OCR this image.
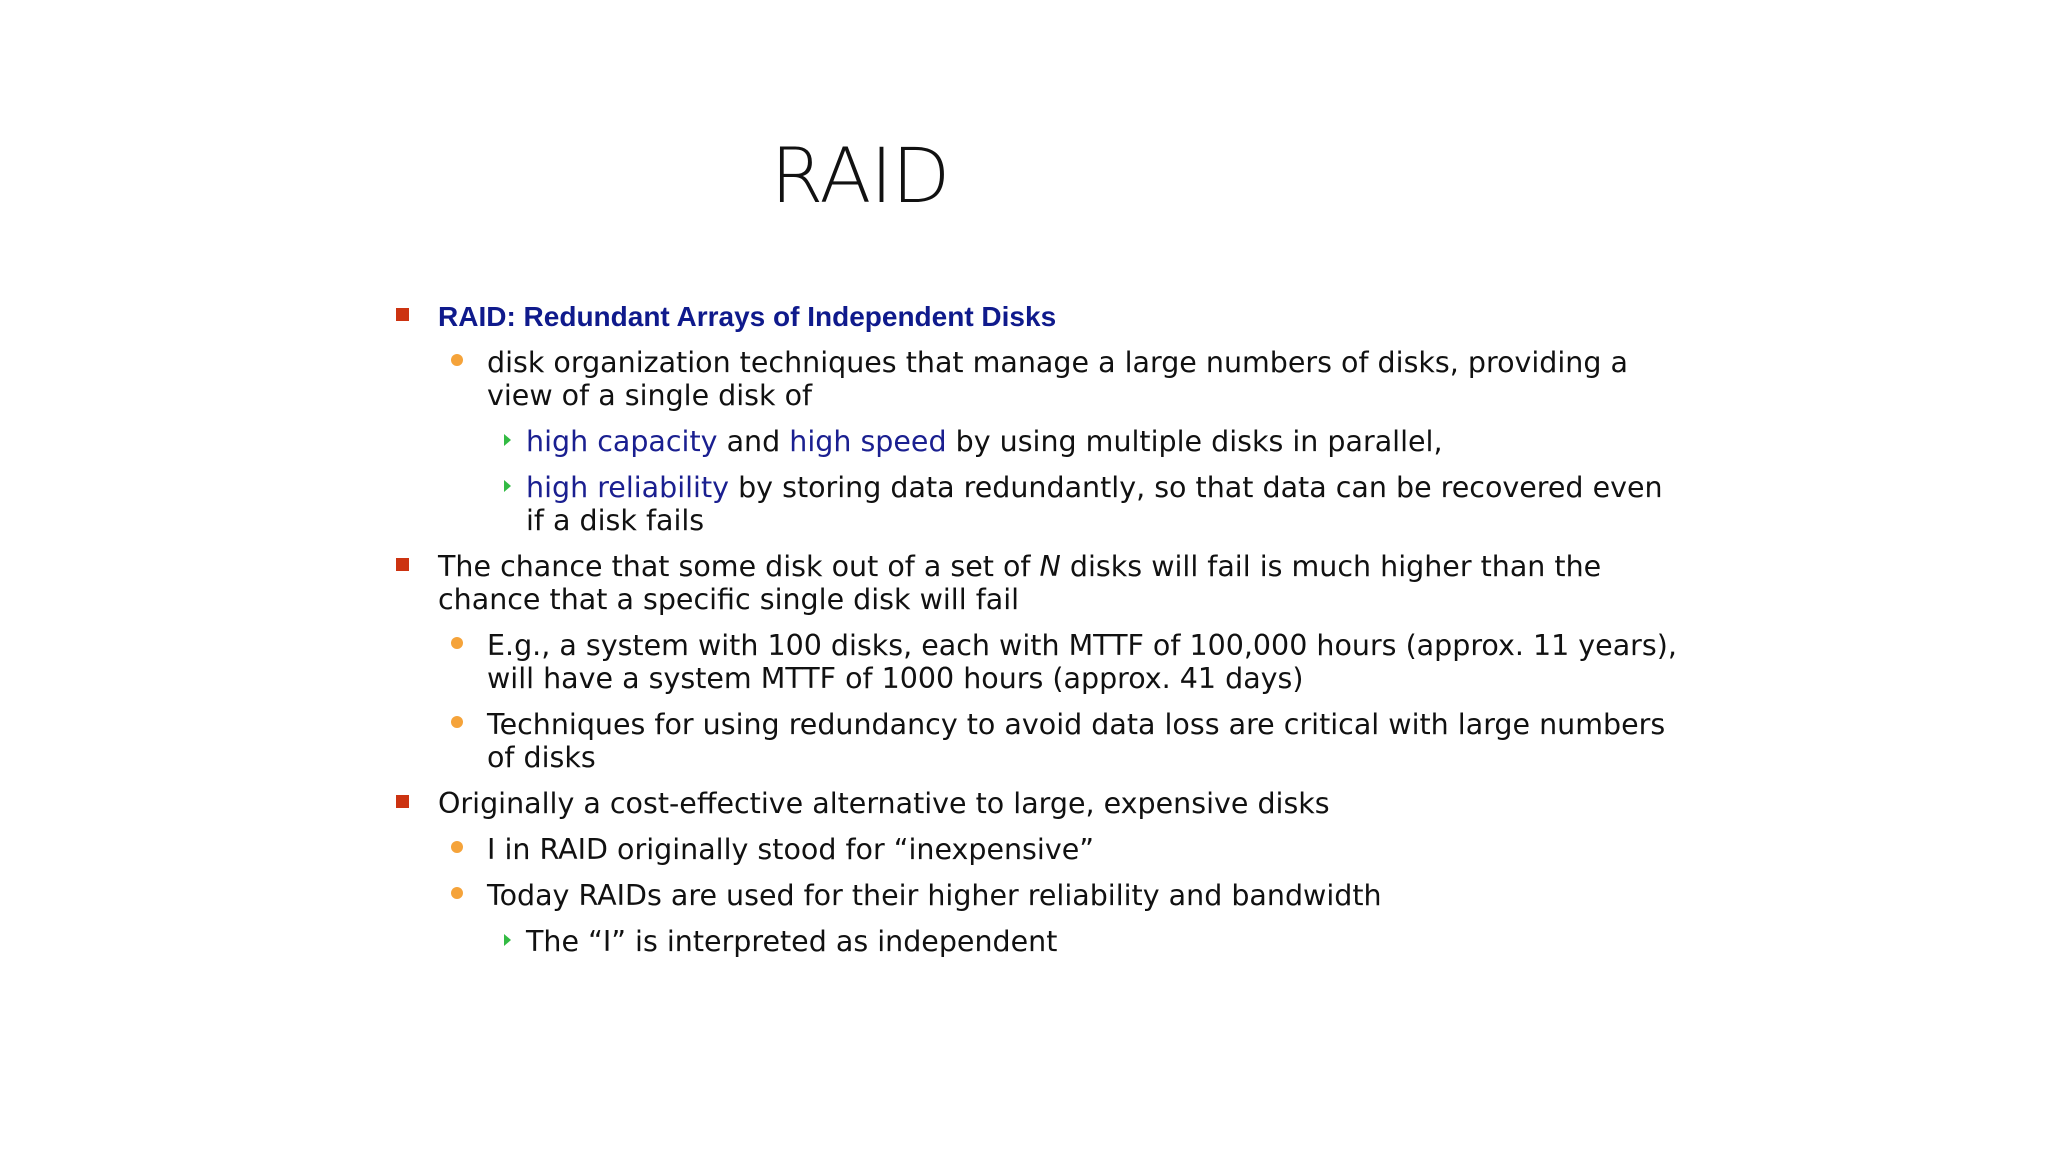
RAID
RAID: Redundant Arrays of Independent Disks
disk organization techniques that manage a large numbers of disks, providing a view of a single disk of
high capacity and high speed by using multiple disks in parallel,
high reliability by storing data redundantly, so that data can be recovered even if a disk fails
The chance that some disk out of a set of N disks will fail is much higher than the chance that a specific single disk will fail
E.g., a system with 100 disks, each with MTTF of 100,000 hours (approx. 11 years), will have a system MTTF of 1000 hours (approx. 41 days)
Techniques for using redundancy to avoid data loss are critical with large numbers of disks
Originally a cost-effective alternative to large, expensive disks
I in RAID originally stood for “inexpensive”
Today RAIDs are used for their higher reliability and bandwidth
The “I” is interpreted as independent
